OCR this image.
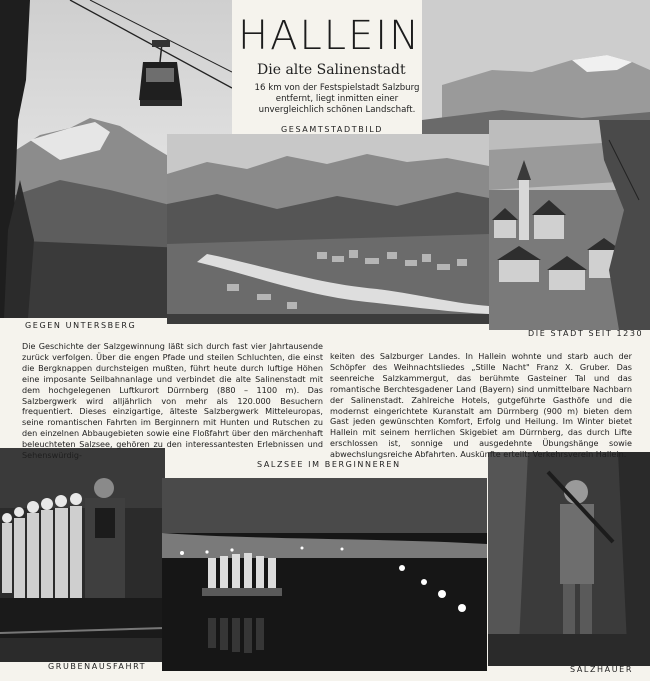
HALLEIN
Die alte Salinenstadt
16 km von der Festspielstadt Salzburg entfernt, liegt inmitten einer unvergleichlich schönen Landschaft.
GESAMTSTADTBILD
GEGEN UNTERSBERG
DIE STADT SEIT 1230
SALZSEE IM BERGINNEREN
GRUBENAUSFAHRT	SALZHAUER
Die Geschichte der Salzgewinnung läßt sich durch fast vier Jahrtausende zurück verfolgen. Über die engen Pfade und steilen Schluchten, die einst die Bergknappen durchsteigen mußten, führt heute durch luftige Höhen eine imposante Seilbahnanlage und verbindet die alte Salinenstadt mit dem hochgelegenen Luftkurort Dürrnberg (880 – 1100 m). Das Salzbergwerk wird alljährlich von mehr als 120.000 Besuchern frequentiert. Dieses einzigartige, älteste Salzbergwerk Mitteleuropas, seine romantischen Fahrten im Berginnern mit Hunten und Rutschen zu den einzelnen Abbaugebieten sowie eine Floßfahrt über den märchenhaft beleuchteten Salzsee, gehören zu den interessantesten Erlebnissen und Sehenswürdig-
keiten des Salzburger Landes. In Hallein wohnte und starb auch der Schöpfer des Weihnachtsliedes „Stille Nacht" Franz X. Gruber. Das seenreiche Salzkammergut, das berühmte Gasteiner Tal und das romantische Berchtesgadener Land (Bayern) sind unmittelbare Nachbarn der Salinenstadt. Zahlreiche Hotels, gutgeführte Gasthöfe und die modernst eingerichtete Kuranstalt am Dürrnberg (900 m) bieten dem Gast jeden gewünschten Komfort, Erfolg und Heilung. Im Winter bietet Hallein mit seinem herrlichen Skigebiet am Dürrnberg, das durch Lifte erschlossen ist, sonnige und ausgedehnte Übungshänge sowie abwechslungsreiche Abfahrten. Auskünfte erteilt: Verkehrsverein Hallein.
